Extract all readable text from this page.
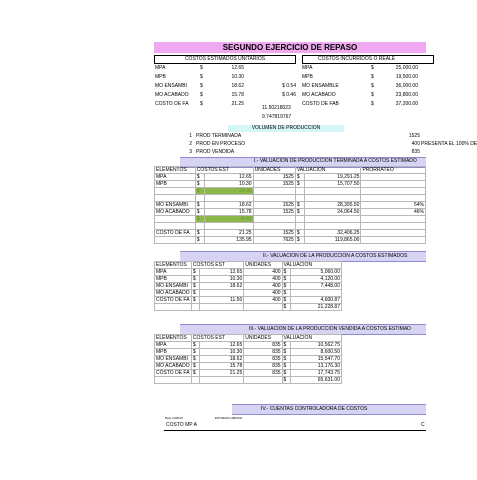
SEGUNDO EJERCICIO DE REPASO
COSTOS ESTIMADOS UNITARIOS	COSTOS INCURRIDOS O REALE
MPA	$	12.65
MPB	$	10.30
MO ENSAMBI	$	18.62	$ 0.54
MO ACABADO	$	15.78	$ 0.46
COSTO DE FA	$	21.25
MPA	$	25,000.00
MPB	$	19,500.00
MO ENSAMBLE	$	36,000.00
MO ACABADO	$	23,800.00
COSTO DE FAB	$	37,200.00
11.50218023
9.747819767
VOLUMEN DE PRODUCCION
1 PROD TERMINADA	1525
2 PROD EN PROCESO	400 PRESENTA EL 100% DE
3 PROD VENDIDA	835
I.- VALUACION DE PRODUCCION TERMINADA A COSTOS ESTIMADO
ELEMENTOS	COSTOS EST		UNIDADES	VALUACION		PRORRATEO
MPA	$	12.65	1525	$	19,291.25	
MPB	$	10.30	1525	$	15,707.50	
	$	22.95				

MO ENSAMBI	$	18.62	1525	$	28,395.50	54%
MO ACABADO	$	15.78	1525	$	24,064.50	46%
	$	34.40				

COSTO DE FA	$	21.25	1525	$	32,406.25	
	$	135.95	7625	$	119,865.00	
II.- VALUACION DE LA PRODUCCION A COSTOS ESTIMADOS
ELEMENTOS	COSTOS EST		UNIDADES	VALUACION	
MPA	$	12.65	400	$	5,060.00
MPB	$	10.30	400	$	4,120.00
MO ENSAMBI	$	18.62	400	$	7,448.00
MO ACABADO	$		400	$	
COSTO DE FA	$	11.50	400	$	4,600.87
				$	21,228.87
III.- VALUACION DE LA PRODUCCION VENDIDA A COSTOS ESTIMAD
ELEMENTOS	COSTOS EST		UNIDADES	VALUACION	
MPA	$	12.65	835	$	10,562.75
MPB	$	10.30	835	$	8,600.50
MO ENSAMBI	$	18.62	835	$	15,547.70
MO ACABADO	$	15.78	835	$	13,176.30
COSTO DE FA	$	21.25	835	$	17,743.75
				$	65,631.00
IV.- CUENTAS CONTROLADORA DE COSTOS
R(A) CARGO	ESTIMADO ABONO
COSTO MP A	C
